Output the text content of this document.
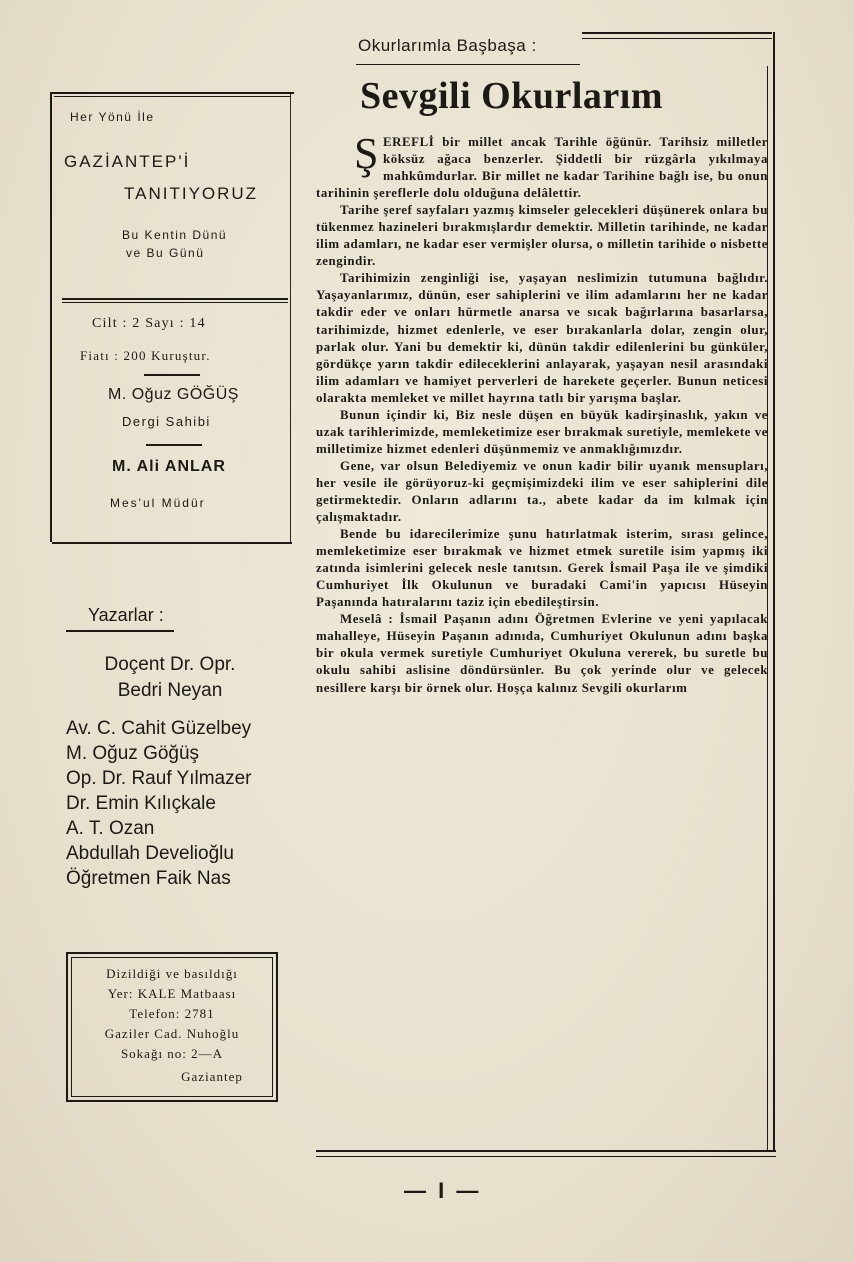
Her Yönü İle
GAZİANTEP'İ
TANITIYORUZ
Bu Kentin Dünü
ve Bu Günü
Cilt : 2 Sayı : 14
Fiatı : 200 Kuruştur.
M. Oğuz GÖĞÜŞ
Dergi Sahibi
M. Ali ANLAR
Mes'ul Müdür
Yazarlar :
Doçent Dr. Opr.
Bedri Neyan
Av. C. Cahit Güzelbey
M. Oğuz Göğüş
Op. Dr. Rauf Yılmazer
Dr. Emin Kılıçkale
A. T. Ozan
Abdullah Develioğlu
Öğretmen Faik Nas
Dizildiği ve basıldığı
Yer: KALE Matbaası
Telefon: 2781
Gaziler Cad. Nuhoğlu
Sokağı no: 2—A
Gaziantep
Okurlarımla Başbaşa :
Sevgili Okurlarım

ŞEREFLİ bir millet ancak Tarihle öğünür. Tarihsiz milletler köksüz ağaca benzerler. Şiddetli bir rüzgârla yıkılmaya mahkûmdurlar. Bir millet ne kadar Tarihine bağlı ise, bu onun tarihinin şereflerle dolu olduğuna delâlettir.

Tarihe şeref sayfaları yazmış kimseler gelecekleri düşünerek onlara bu tükenmez hazineleri bırakmışlardır demektir. Milletin tarihinde, ne kadar ilim adamları, ne kadar eser vermişler olursa, o milletin tarihide o nisbette zengindir.

Tarihimizin zenginliği ise, yaşayan neslimizin tutumuna bağlıdır. Yaşayanlarımız, dünün, eser sahiplerini ve ilim adamlarını her ne kadar takdir eder ve onları hürmetle anarsa ve sıcak bağırlarına basarlarsa, tarihimizde, hizmet edenlerle, ve eser bırakanlarla dolar, zengin olur, parlak olur. Yani bu demektir ki, dünün takdir edilenlerini bu günküler, gördükçe yarın takdir edileceklerini anlayarak, yaşayan nesil arasındaki ilim adamları ve hamiyet perverleri de harekete geçerler. Bunun neticesi olarakta memleket ve millet hayrına tatlı bir yarışma başlar.

Bunun içindir ki, Biz nesle düşen en büyük kadirşinaslık, yakın ve uzak tarihlerimizde, memleketimize eser bırakmak suretiyle, memlekete ve milletimize hizmet edenleri düşünmemiz ve anmaklığımızdır.

Gene, var olsun Belediyemiz ve onun kadir bilir uyanık mensupları, her vesile ile görüyoruz-ki geçmişimizdeki ilim ve eser sahiplerini dile getirmektedir. Onların adlarını ta., abete kadar da im kılmak için çalışmaktadır.

Bende bu idarecilerimize şunu hatırlatmak isterim, sırası gelince, memleketimize eser bırakmak ve hizmet etmek suretile isim yapmış iki zatında isimlerini gelecek nesle tanıtsın. Gerek İsmail Paşa ile ve şimdiki Cumhuriyet İlk Okulunun ve buradaki Cami'in yapıcısı Hüseyin Paşanında hatıralarını taziz için ebedileştirsin.

Meselâ : İsmail Paşanın adını Öğretmen Evlerine ve yeni yapılacak mahalleye, Hüseyin Paşanın adınıda, Cumhuriyet Okulunun adını başka bir okula vermek suretiyle Cumhuriyet Okuluna vererek, bu suretle bu okulu sahibi aslisine döndürsünler. Bu çok yerinde olur ve gelecek nesillere karşı bir örnek olur. Hoşça kalınız Sevgili okurlarım

— I —
